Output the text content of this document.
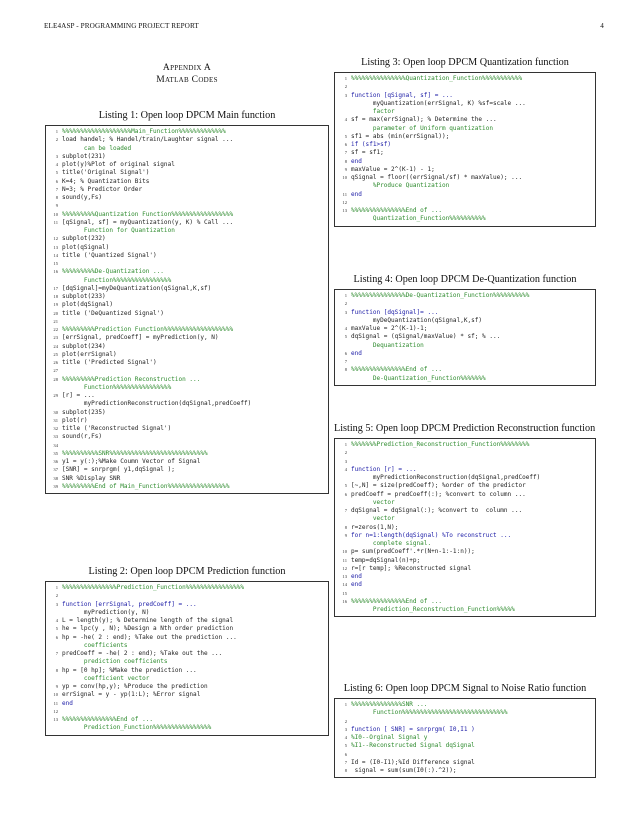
ELE4ASP - PROGRAMMING PROJECT REPORT	4
Appendix A
Matlab Codes
Listing 1: Open loop DPCM Main function
1 %%%%%%%%%%%%%%%%%%%Main_Function%%%%%%%%%%%%%
2 load handel; % Handel/train/Laughter signal ...
can be loaded
3 subplot(231)
4 plot(y)%Plot of original signal
5 title('Original Signal')
6 K=4; % Quantization Bits
7 N=3; % Predictor Order
8 sound(y,Fs)
9

10 %%%%%%%%%Quantization Function%%%%%%%%%%%%%%%%%
11 [qSignal, sf] = myQuantization(y, K) % Call ...
Function for Quantization
12 subplot(232)
13 plot(qSignal)
14 title ('Quantized Signal')
15

16 %%%%%%%%%De-Quantization ...
Function%%%%%%%%%%%%%%%%
17 [dqSignal]=myDeQuantization(qSignal,K,sf)
18 subplot(233)
19 plot(dqSignal)
20 title ('DeQuantized Signal')
21

22 %%%%%%%%%Prediction Function%%%%%%%%%%%%%%%%%%%
23 [errSignal, predCoeff] = myPrediction(y, N)
24 subplot(234)
25 plot(errSignal)
26 title ('Predicted Signal')
27

28 %%%%%%%%%Prediction Reconstruction ...
Function%%%%%%%%%%%%%%%%
29 [r] = ...
myPredictionReconstruction(dqSignal,predCoeff)
30 subplot(235)
31 plot(r)
32 title ('Reconstructed Signal')
33 sound(r,Fs)
34

35 %%%%%%%%%%SNR%%%%%%%%%%%%%%%%%%%%%%%%%%%
36 y1 = y(:);%Make Coumn Vector of Signal
37 [SNR] = snrprgm( y1,dqSignal );
38 SNR %Display SNR
39 %%%%%%%%%End of Main_Function%%%%%%%%%%%%%%%%%
Listing 2: Open loop DPCM Prediction function
1 %%%%%%%%%%%%%%%Prediction_Function%%%%%%%%%%%%%%%%
2

3 function [errSignal, predCoeff] = ...
myPrediction(y, N)
4 L = length(y); % Determine length of the signal
5 he = lpc(y , N); %Design a Nth order prediction
6 hp = -he( 2 : end); %Take out the prediction ...
coefficients
7 predCoeff = -he( 2 : end); %Take out the ...
prediction coefficients
8 hp = [0 hp]; %Make the prediction ...
coefficient vector
9 yp = conv(hp,y); %Produce the prediction
10 errSignal = y - yp(1:L); %Error signal
11 end
12

13 %%%%%%%%%%%%%%%End of ...
Prediction_Function%%%%%%%%%%%%%%%%
Listing 3: Open loop DPCM Quantization function
1 %%%%%%%%%%%%%%%Quantization_Function%%%%%%%%%%%
2

3 function [qSignal, sf] = ...
myQuantization(errSignal, K) %sf=scale ...
factor
4 sf = max(errSignal); % Determine the ...
parameter of Uniform quantization
5 sf1 = abs (min(errSignal));
6 if (sf1>sf)
7 sf = sf1;
8 end
9 maxValue = 2^(K-1) - 1;
10 qSignal = floor((errSignal/sf) * maxValue); ...
%Produce Quantization
11 end
12

13 %%%%%%%%%%%%%%%End of ...
Quantization_Function%%%%%%%%%%
Listing 4: Open loop DPCM De-Quantization function
1 %%%%%%%%%%%%%%%De-Quantization_Function%%%%%%%%%%
2

3 function [dqSignal]= ...
myDeQuantization(qSignal,K,sf)
4 maxValue = 2^(K-1)-1;
5 dqSignal = (qSignal/maxValue) * sf; % ...
Dequantization
6 end
7

8 %%%%%%%%%%%%%%%End of ...
De-Quantization_Function%%%%%%%
Listing 5: Open loop DPCM Prediction Reconstruction function
1 %%%%%%%Prediction_Reconstruction_Function%%%%%%%%
2

3

4 function [r] = ...
myPredictionReconstruction(dqSignal,predCoeff)
5 [~,N] = size(predCoeff); %order of the predictor
6 predCoeff = predCoeff(:); %convert to column ...
vector
7 dqSignal = dqSignal(:); %convert to  column ...
vector
8 r=zeros(1,N);
9 for n=1:length(dqSignal) %To reconstruct ...
complete signal.
10 p= sum(predCoeff'.*r(N+n-1:-1:n));
11 temp=dqSignal(n)+p;
12 r=[r temp]; %Reconstructed signal
13 end
14 end
15

16 %%%%%%%%%%%%%%%End of ...
Prediction_Reconstruction_Function%%%%%
Listing 6: Open loop DPCM Signal to Noise Ratio function
1 %%%%%%%%%%%%%%SNR ...
Function%%%%%%%%%%%%%%%%%%%%%%%%%%%%%
2

3 function [ SNR] = snrprgm( I0,I1 )
4 %I0--Orginal Signal y
5 %I1--Reconstructed Signal dqSignal
6

7 Id = (I0-I1);%Id Difference signal
8 signal = sum(sum(I0(:).^2));
